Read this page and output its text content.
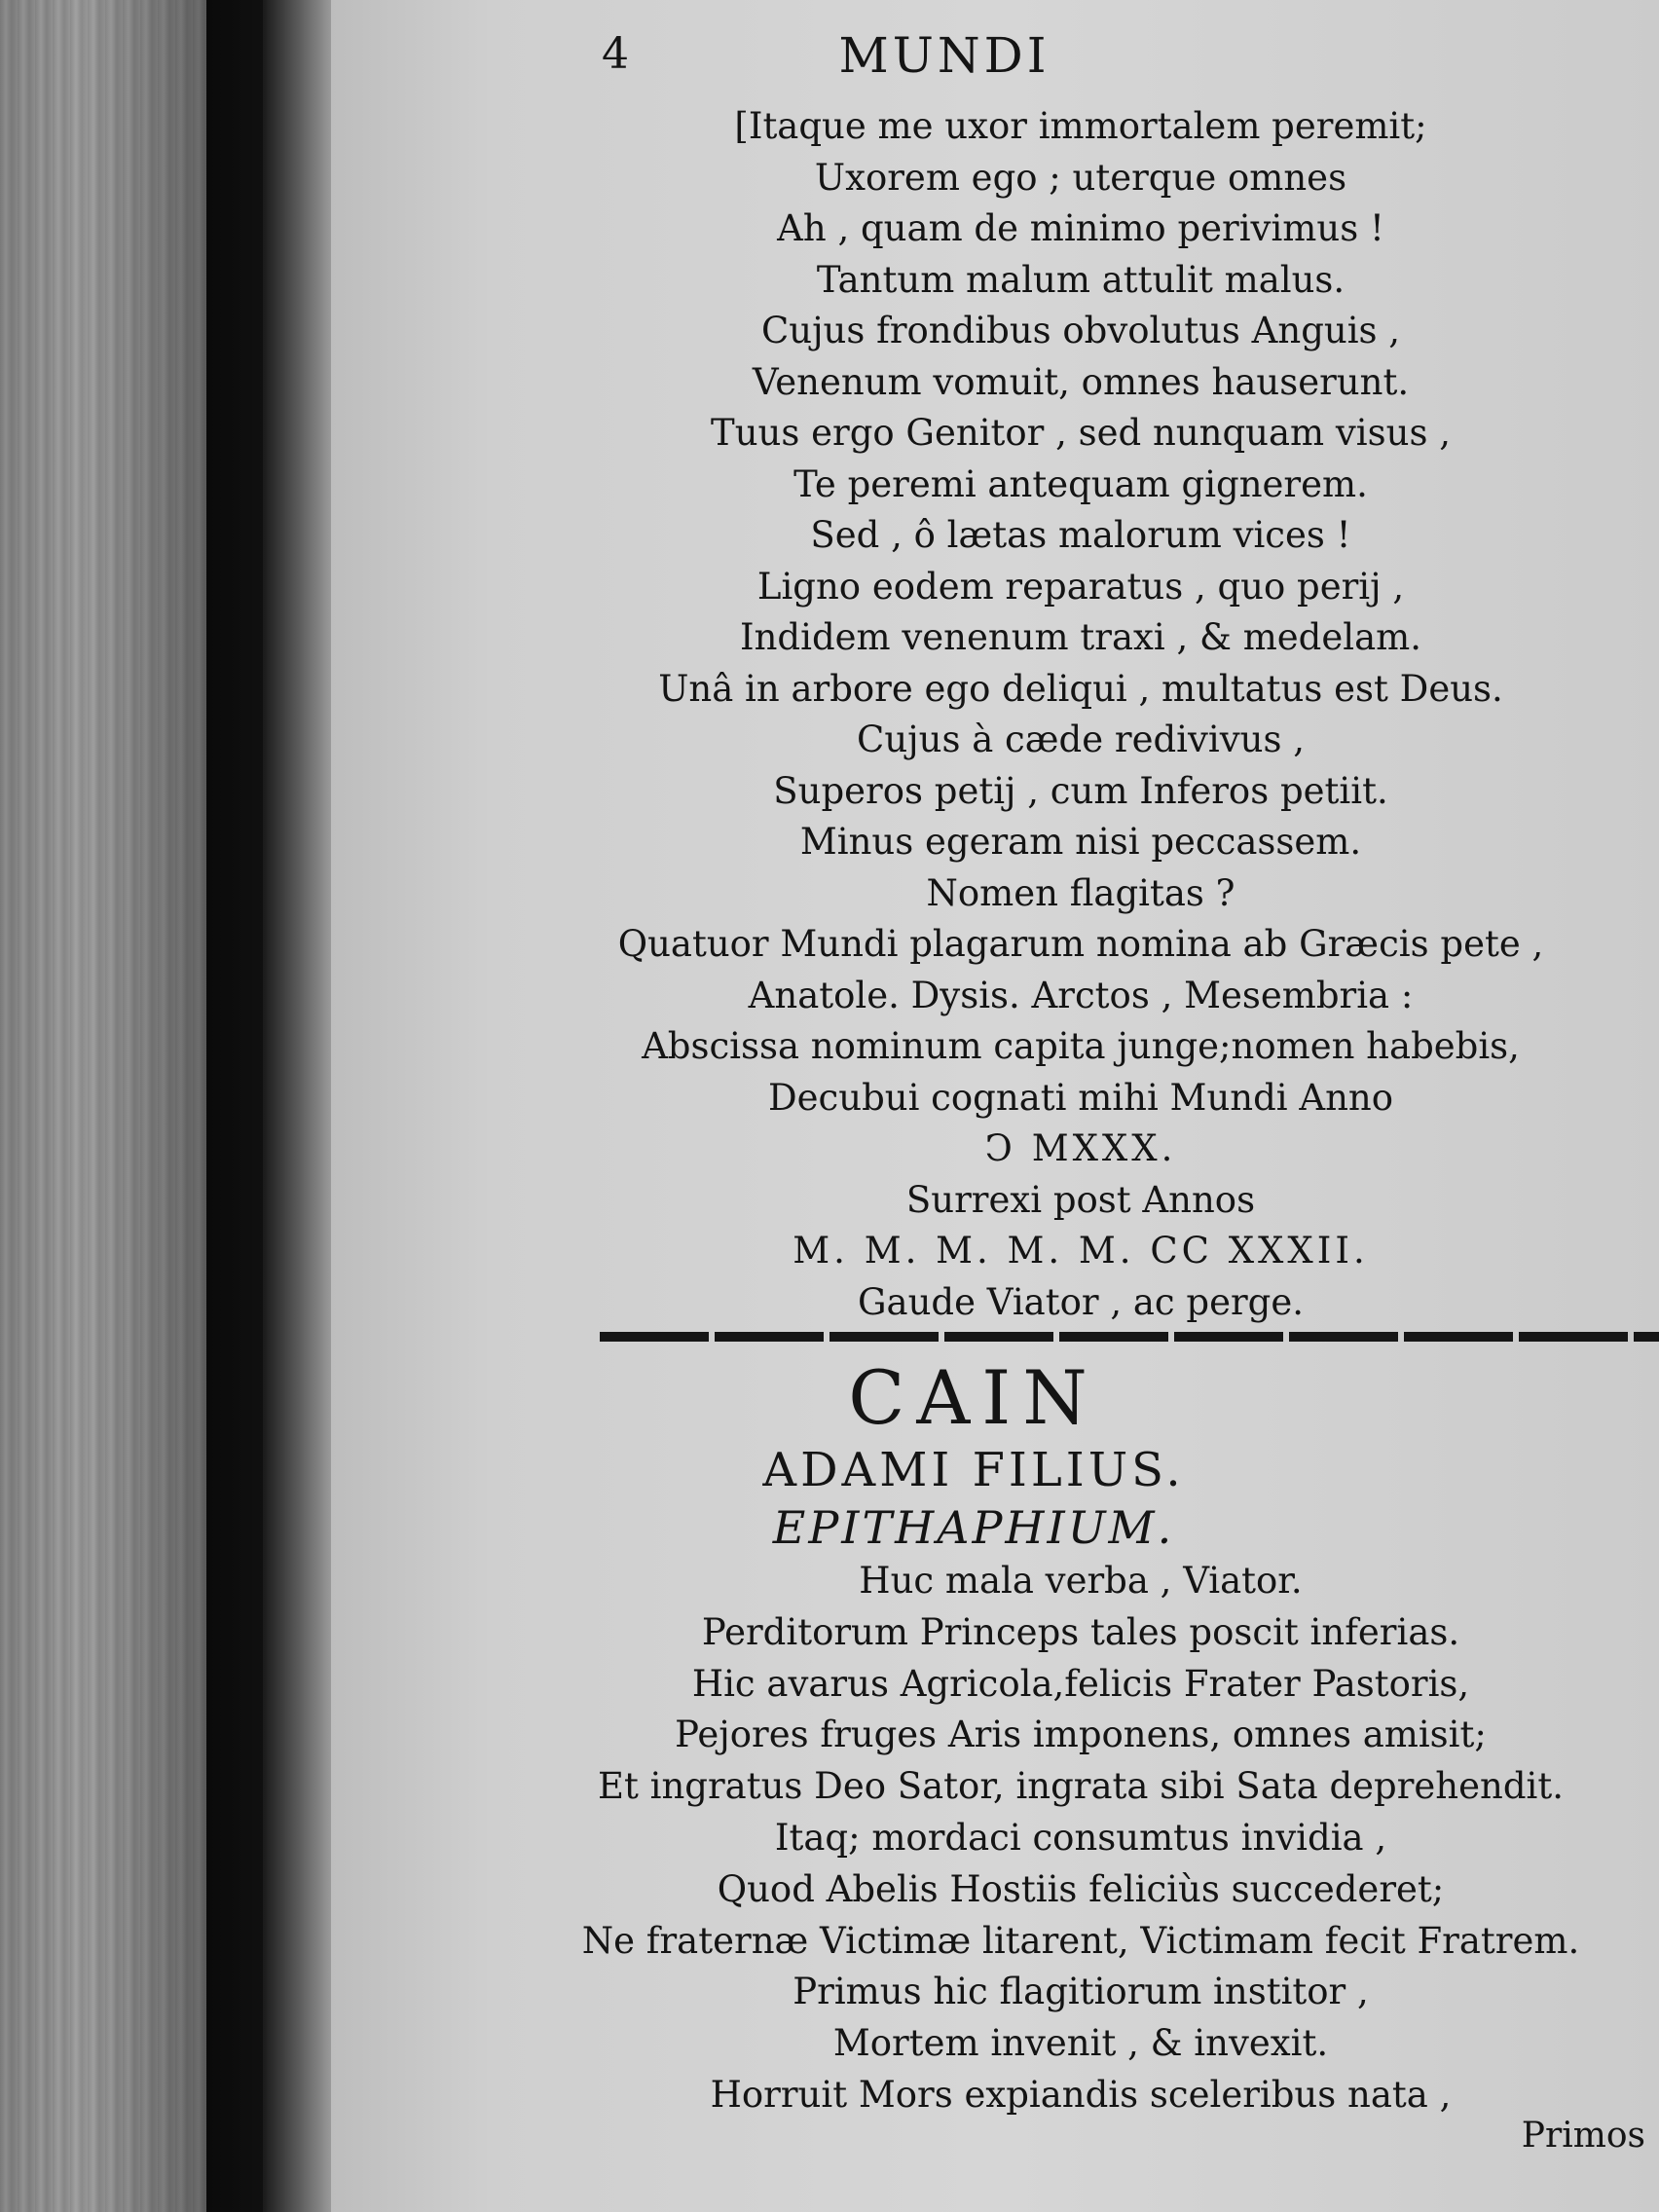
4	MUNDI
[Itaque me uxor immortalem peremit;
Uxorem ego ; uterque omnes
Ah , quam de minimo perivimus !
Tantum malum attulit malus.
Cujus frondibus obvolutus Anguis ,
Venenum vomuit, omnes hauserunt.
Tuus ergo Genitor , sed nunquam visus ,
Te peremi antequam gignerem.
Sed , ô lætas malorum vices !
Ligno eodem reparatus , quo perij ,
Indidem venenum traxi , & medelam.
Unâ in arbore ego deliqui , multatus est Deus.
Cujus à cæde redivivus ,
Superos petij , cum Inferos petiit.
Minus egeram nisi peccassem.
Nomen flagitas ?
Quatuor Mundi plagarum nomina ab Græcis pete ,
Anatole. Dysis. Arctos , Mesembria :
Abscissa nominum capita junge;nomen habebis,
Decubui cognati mihi Mundi Anno
Ↄ MXXX.
Surrexi post Annos
M. M. M. M. M. CC XXXII.
Gaude Viator , ac perge.
CAIN
ADAMI FILIUS.
EPITHAPHIUM.
Huc mala verba , Viator.
Perditorum Princeps tales poscit inferias.
Hic avarus Agricola,felicis Frater Pastoris,
Pejores fruges Aris imponens, omnes amisit;
Et ingratus Deo Sator, ingrata sibi Sata deprehendit.
Itaq; mordaci consumtus invidia ,
Quod Abelis Hostiis feliciùs succederet;
Ne fraternæ Victimæ litarent, Victimam fecit Fratrem.
Primus hic flagitiorum institor ,
Mortem invenit , & invexit.
Horruit Mors expiandis sceleribus nata ,
Primos
